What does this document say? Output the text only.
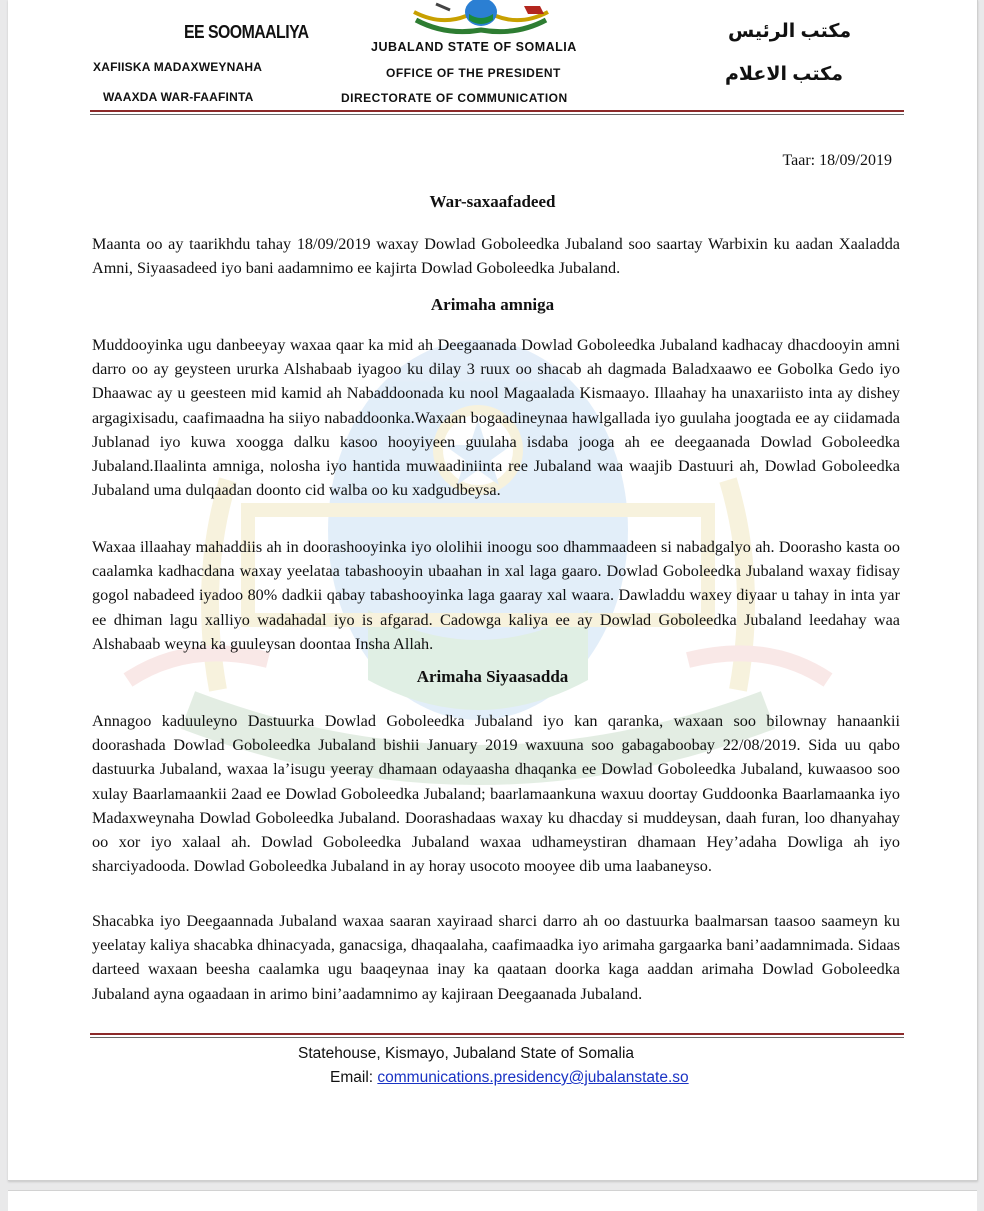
EE SOOMAALIYA
XAFIISKA MADAXWEYNAHA
WAAXDA WAR-FAAFINTA
JUBALAND STATE OF SOMALIA
OFFICE OF THE PRESIDENT
DIRECTORATE OF COMMUNICATION
مكتب الرئيس
مكتب الاعلام
Taar: 18/09/2019
War-saxaafadeed
Maanta oo ay taarikhdu tahay 18/09/2019 waxay Dowlad Goboleedka Jubaland soo saartay Warbixin ku aadan Xaaladda Amni, Siyaasadeed iyo bani aadamnimo ee kajirta Dowlad Goboleedka Jubaland.
Arimaha amniga
Muddooyinka ugu danbeeyay waxaa qaar ka mid ah Deegaanada Dowlad Goboleedka Jubaland kadhacay dhacdooyin amni darro oo ay geysteen ururka Alshabaab iyagoo ku dilay 3 ruux oo shacab ah dagmada Baladxaawo ee Gobolka Gedo iyo Dhaawac ay u geesteen mid kamid ah Nabaddoonada ku nool Magaalada Kismaayo. Illaahay ha unaxariisto inta ay dishey argagixisadu, caafimaadna ha siiyo nabaddoonka.Waxaan bogaadineynaa hawlgallada iyo guulaha joogtada ee ay ciidamada Jublanad iyo kuwa xoogga dalku kasoo hooyiyeen guulaha isdaba jooga ah ee deegaanada Dowlad Goboleedka Jubaland.Ilaalinta amniga, nolosha iyo hantida muwaadiniinta ree Jubaland waa waajib Dastuuri ah, Dowlad Goboleedka Jubaland uma dulqaadan doonto cid walba oo ku xadgudbeysa.
Waxaa illaahay mahaddiis ah in doorashooyinka iyo ololihii inoogu soo dhammaadeen si nabadgalyo ah. Doorasho kasta oo caalamka kadhacdana waxay yeelataa tabashooyin ubaahan in xal laga gaaro. Dowlad Goboleedka Jubaland waxay fidisay gogol nabadeed iyadoo 80% dadkii qabay tabashooyinka laga gaaray xal waara. Dawladdu waxey diyaar u tahay in inta yar ee dhiman lagu xalliyo wadahadal iyo is afgarad. Cadowga kaliya ee ay Dowlad Goboleedka Jubaland leedahay waa Alshabaab weyna ka guuleysan doontaa Insha Allah.
Arimaha Siyaasadda
Annagoo kaduuleyno Dastuurka Dowlad Goboleedka Jubaland iyo kan qaranka, waxaan soo bilownay hanaankii doorashada Dowlad Goboleedka Jubaland bishii January 2019 waxuuna soo gabagaboobay 22/08/2019. Sida uu qabo dastuurka Jubaland, waxaa la’isugu yeeray dhamaan odayaasha dhaqanka ee Dowlad Goboleedka Jubaland, kuwaasoo soo xulay Baarlamaankii 2aad ee Dowlad Goboleedka Jubaland; baarlamaankuna waxuu doortay Guddoonka Baarlamaanka iyo Madaxweynaha Dowlad Goboleedka Jubaland. Doorashadaas waxay ku dhacday si muddeysan, daah furan, loo dhanyahay oo xor iyo xalaal ah. Dowlad Goboleedka Jubaland waxaa udhameystiran dhamaan Hey’adaha Dowliga ah iyo sharciyadooda. Dowlad Goboleedka Jubaland in ay horay usocoto mooyee dib uma laabaneyso.
Shacabka iyo Deegaannada Jubaland waxaa saaran xayiraad sharci darro ah oo dastuurka baalmarsan taasoo saameyn ku yeelatay kaliya shacabka dhinacyada, ganacsiga, dhaqaalaha, caafimaadka iyo arimaha gargaarka bani’aadamnimada. Sidaas darteed waxaan beesha caalamka ugu baaqeynaa inay ka qaataan doorka kaga aaddan arimaha Dowlad Goboleedka Jubaland ayna ogaadaan in arimo bini’aadamnimo ay kajiraan Deegaanada Jubaland.
Statehouse, Kismayo, Jubaland State of Somalia
Email: communications.presidency@jubalanstate.so
